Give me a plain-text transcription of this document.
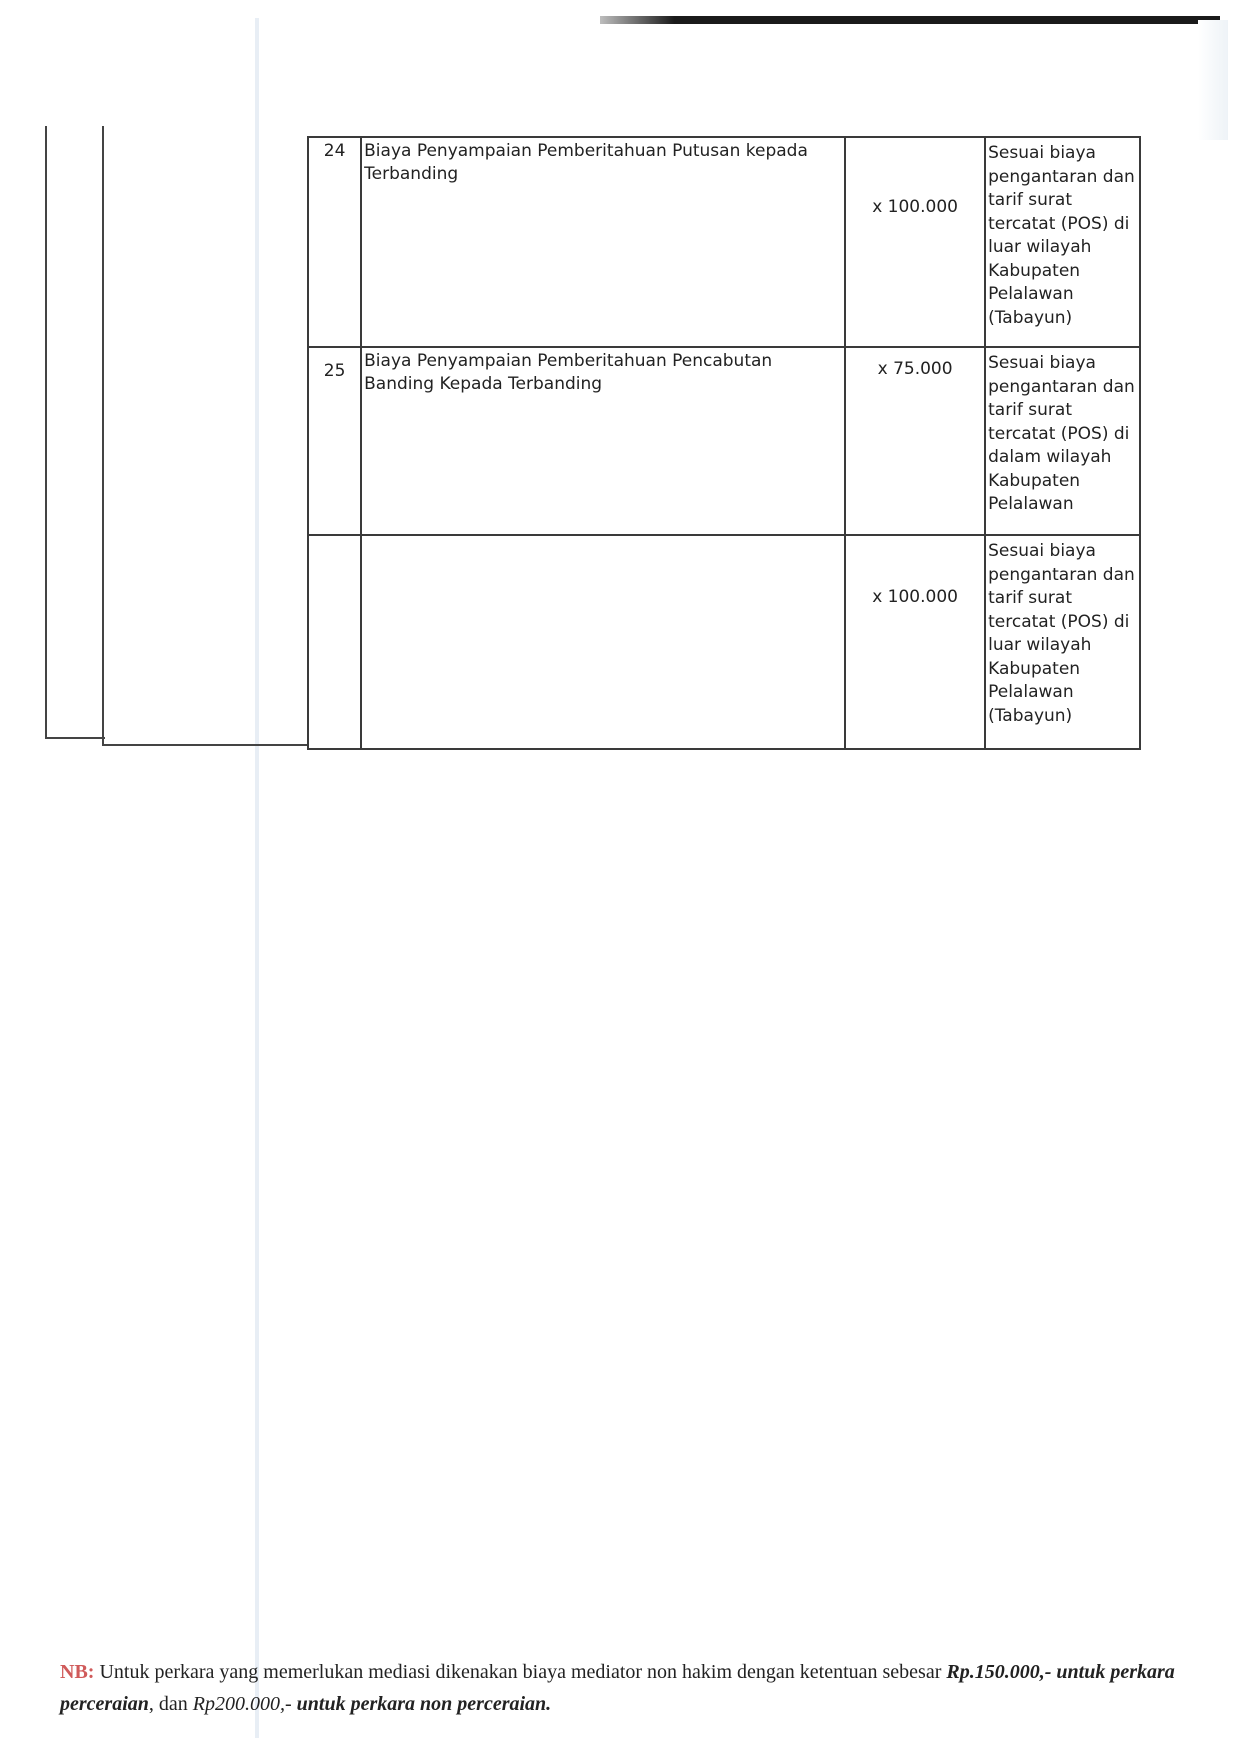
24	Biaya Penyampaian Pemberitahuan Putusan kepada Terbanding	x 100.000	Sesuai biaya pengantaran dan tarif surat tercatat (POS) di luar wilayah Kabupaten Pelalawan (Tabayun)
25	Biaya Penyampaian Pemberitahuan Pencabutan Banding Kepada Terbanding	x 75.000	Sesuai biaya pengantaran dan tarif surat tercatat (POS) di dalam wilayah Kabupaten Pelalawan

		x 100.000	Sesuai biaya pengantaran dan tarif surat tercatat (POS) di luar wilayah Kabupaten Pelalawan (Tabayun)
NB: Untuk perkara yang memerlukan mediasi dikenakan biaya mediator non hakim dengan ketentuan sebesar Rp.150.000,- untuk perkara perceraian, dan Rp200.000,- untuk perkara non perceraian.
